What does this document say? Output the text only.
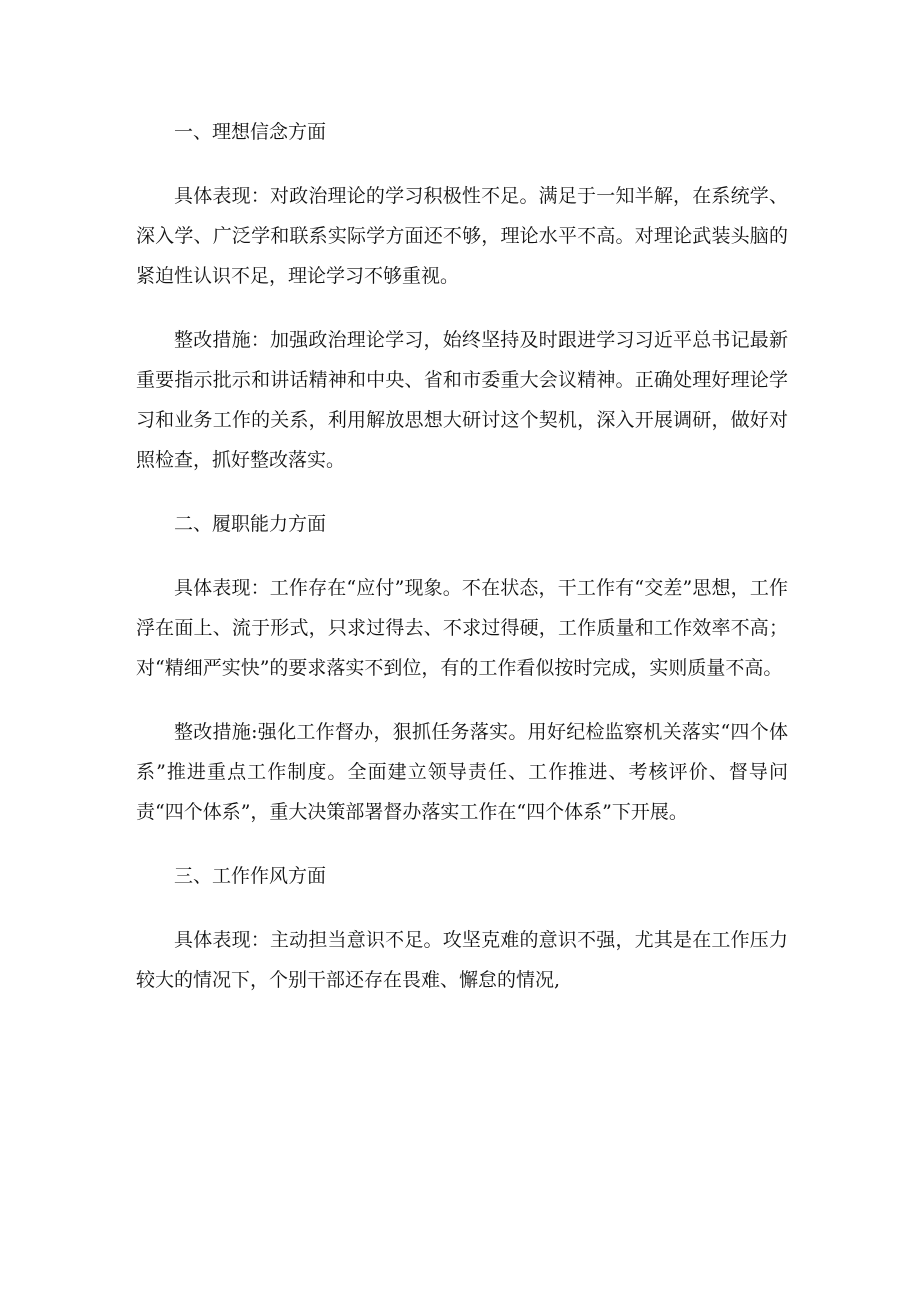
一、理想信念方面

具体表现：对政治理论的学习积极性不足。满足于一知半解，在系统学、深入学、广泛学和联系实际学方面还不够，理论水平不高。对理论武装头脑的紧迫性认识不足，理论学习不够重视。

整改措施：加强政治理论学习，始终坚持及时跟进学习习近平总书记最新重要指示批示和讲话精神和中央、省和市委重大会议精神。正确处理好理论学习和业务工作的关系，利用解放思想大研讨这个契机，深入开展调研，做好对照检查，抓好整改落实。

二、履职能力方面

具体表现：工作存在“应付”现象。不在状态，干工作有“交差”思想，工作浮在面上、流于形式，只求过得去、不求过得硬，工作质量和工作效率不高；对“精细严实快”的要求落实不到位，有的工作看似按时完成，实则质量不高。

整改措施:强化工作督办，狠抓任务落实。用好纪检监察机关落实“四个体系”推进重点工作制度。全面建立领导责任、工作推进、考核评价、督导问责“四个体系”，重大决策部署督办落实工作在“四个体系”下开展。

三、工作作风方面

具体表现：主动担当意识不足。攻坚克难的意识不强，尤其是在工作压力较大的情况下，个别干部还存在畏难、懈怠的情况,
